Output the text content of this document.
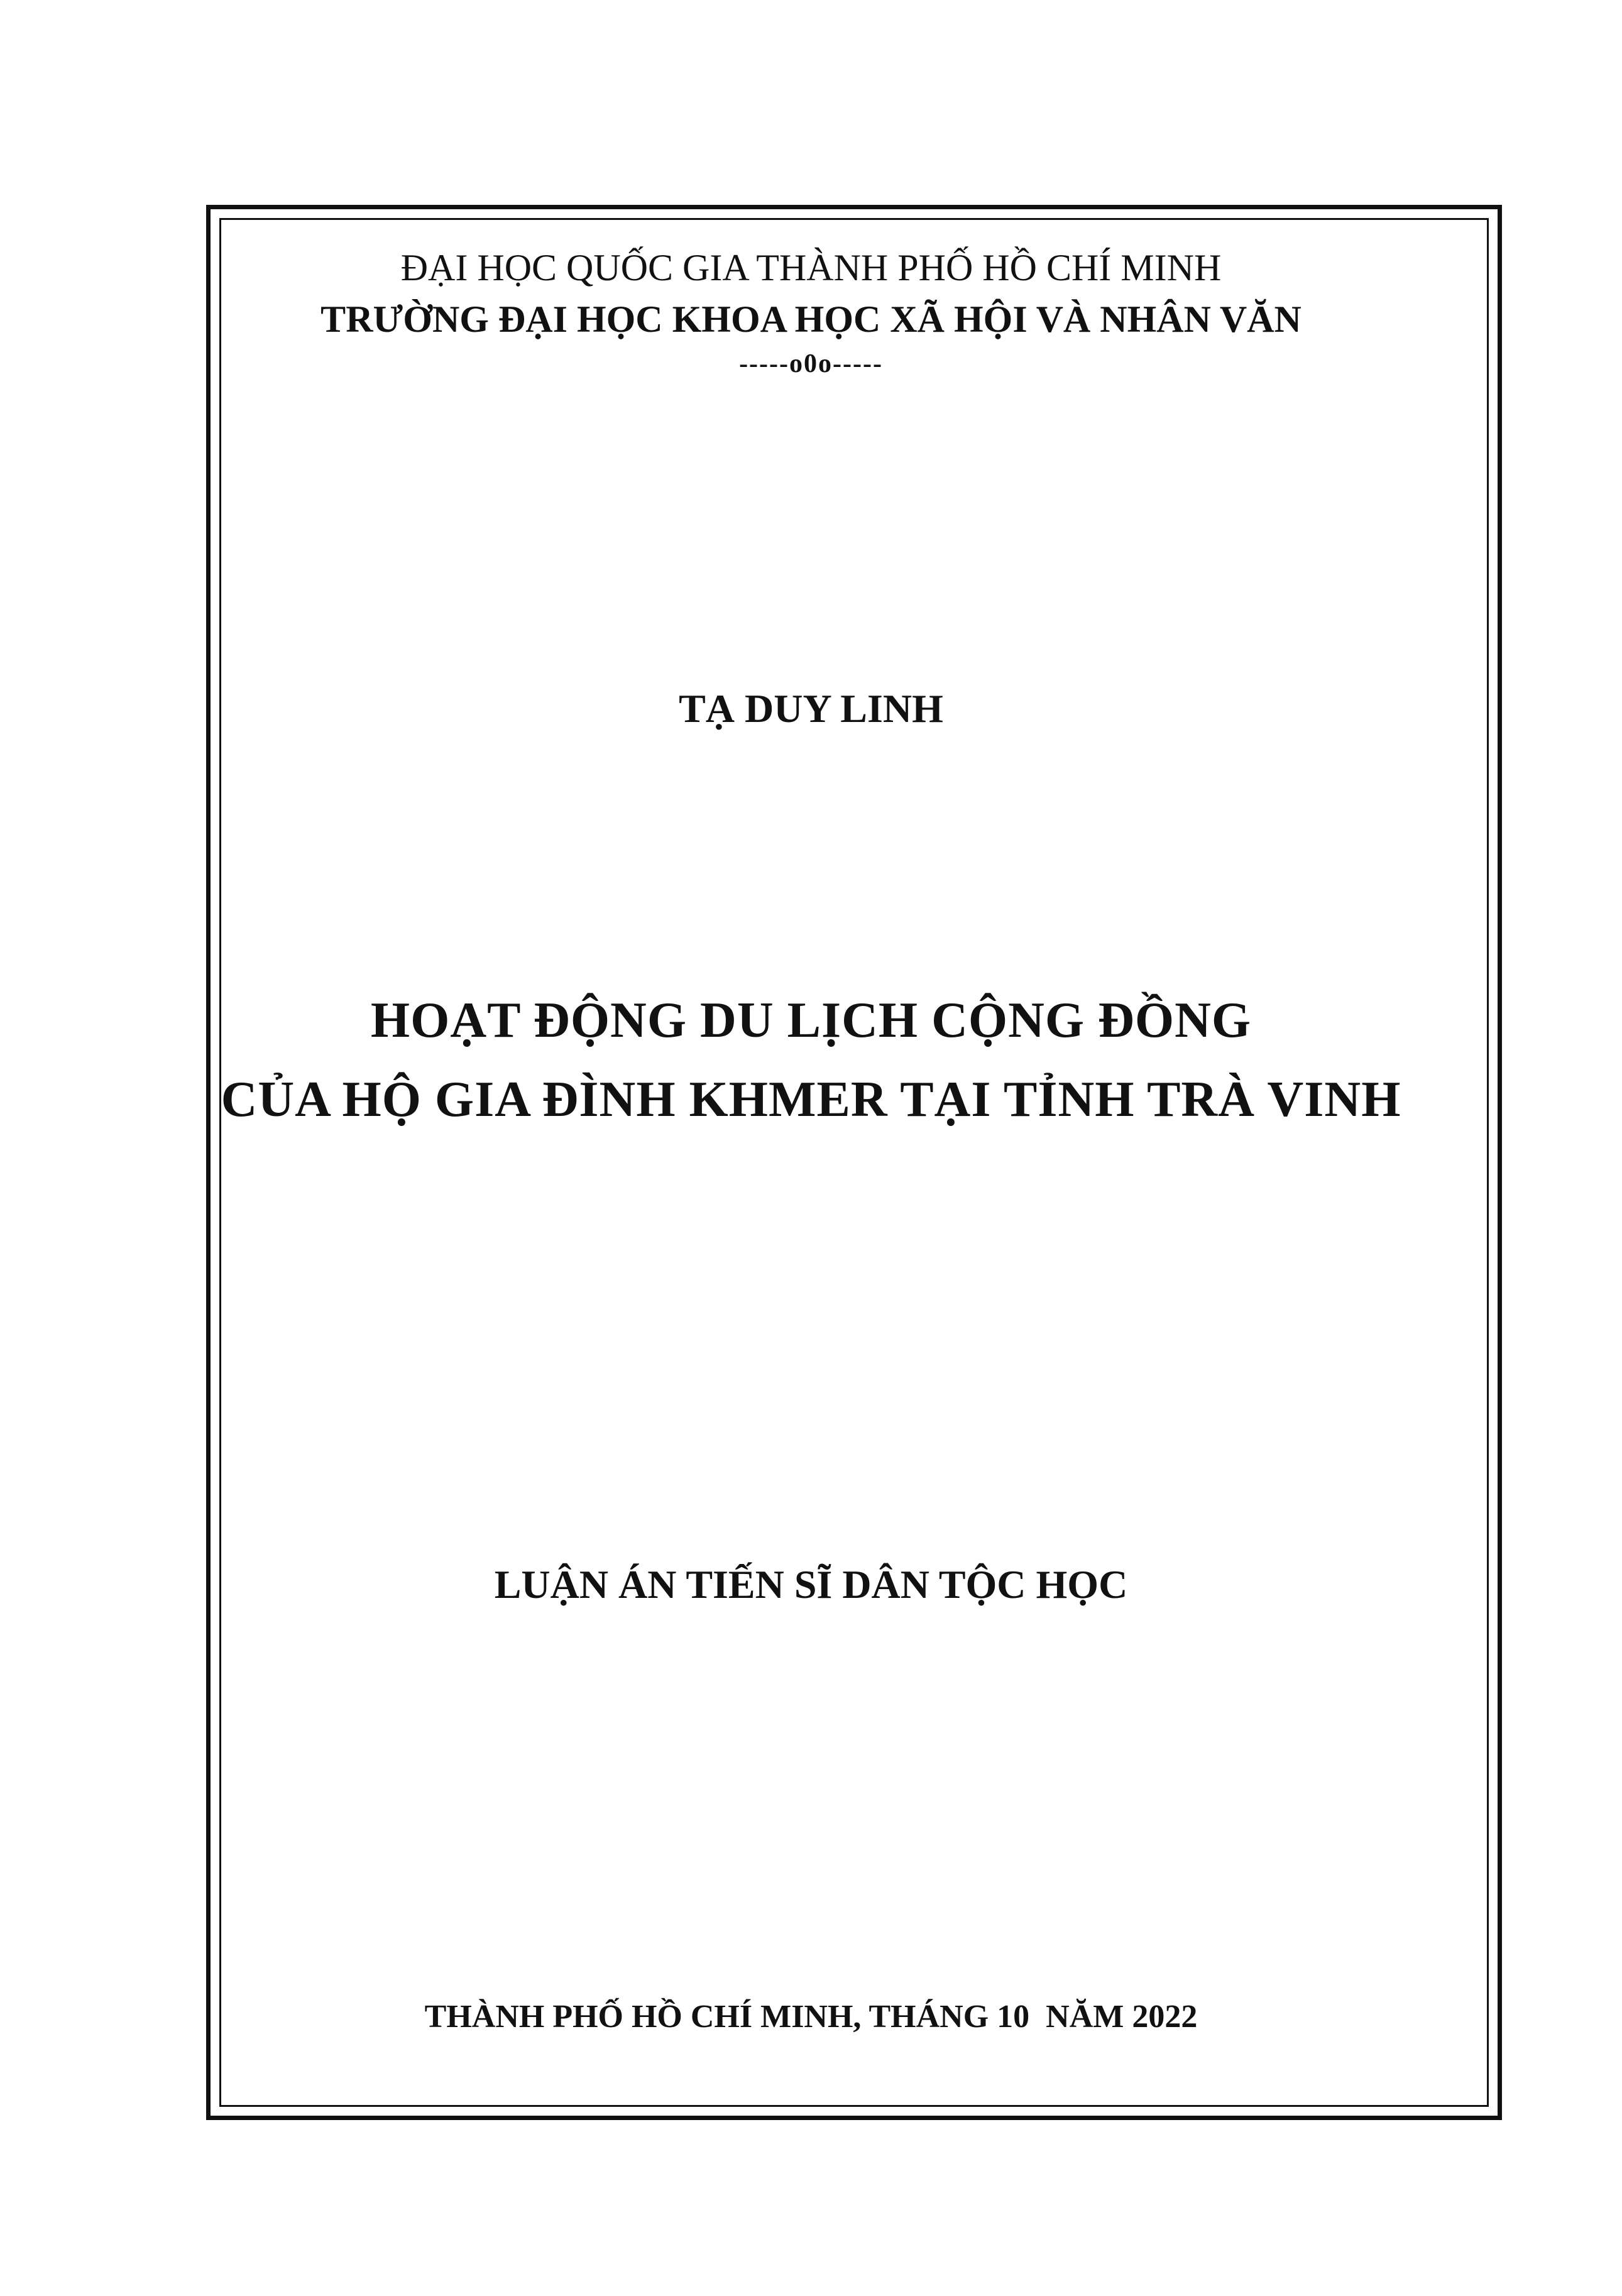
ĐẠI HỌC QUỐC GIA THÀNH PHỐ HỒ CHÍ MINH
TRƯỜNG ĐẠI HỌC KHOA HỌC XÃ HỘI VÀ NHÂN VĂN
-----o0o-----
TẠ DUY LINH
HOẠT ĐỘNG DU LỊCH CỘNG ĐỒNG
CỦA HỘ GIA ĐÌNH KHMER TẠI TỈNH TRÀ VINH
LUẬN ÁN TIẾN SĨ DÂN TỘC HỌC
THÀNH PHỐ HỒ CHÍ MINH, THÁNG 10  NĂM 2022
